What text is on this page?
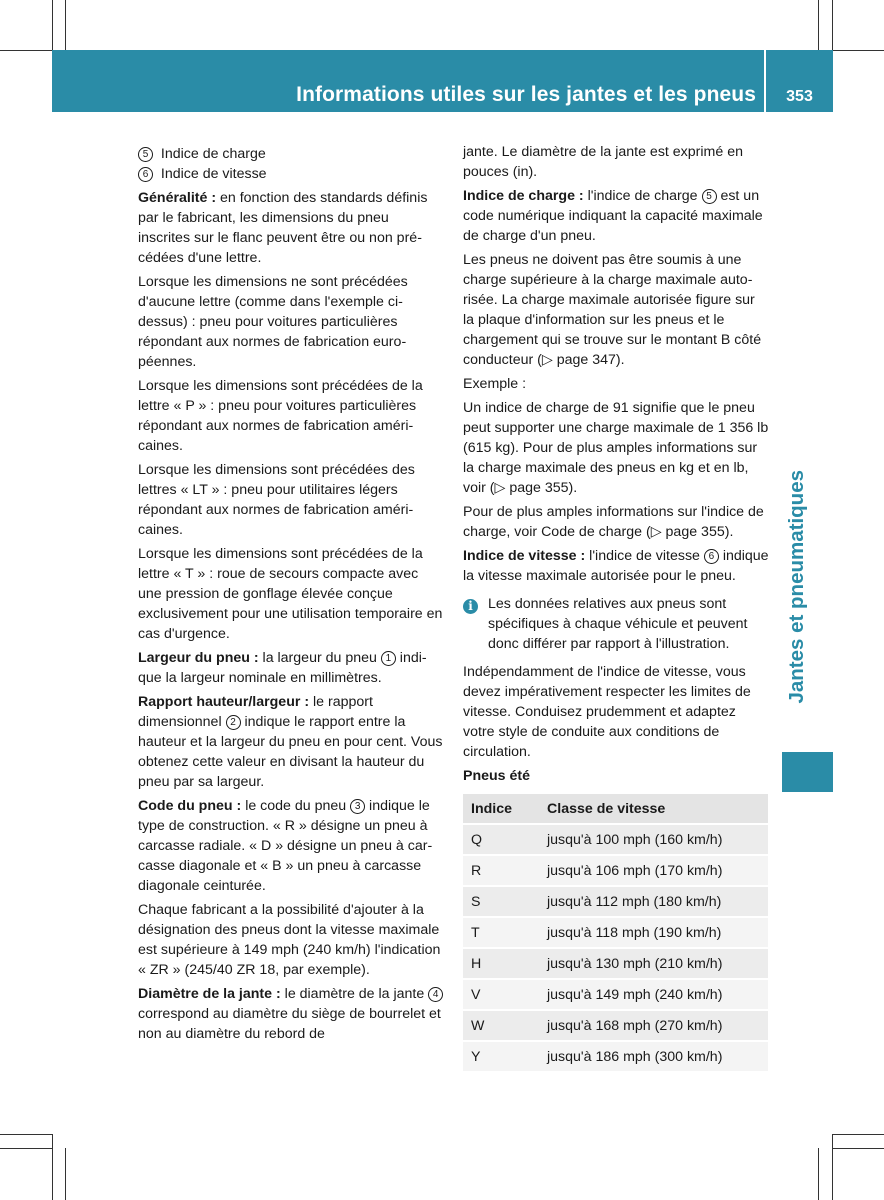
Informations utiles sur les jantes et les pneus	353
Jantes et pneumatiques

5 Indice de charge

6 Indice de vitesse

Généralité : en fonction des standards définis par le fabricant, les dimensions du pneu inscrites sur le flanc peuvent être ou non précédées d'une lettre.

Lorsque les dimensions ne sont précédées d'aucune lettre (comme dans l'exemple cidessus) : pneu pour voitures particulières répondant aux normes de fabrication européennes.

Lorsque les dimensions sont précédées de la lettre « P » : pneu pour voitures particulières répondant aux normes de fabrication américaines.

Lorsque les dimensions sont précédées des lettres « LT » : pneu pour utilitaires légers répondant aux normes de fabrication américaines.

Lorsque les dimensions sont précédées de la lettre « T » : roue de secours compacte avec une pression de gonflage élevée conçue exclusivement pour une utilisation temporaire en cas d'urgence.

Largeur du pneu : la largeur du pneu 1 indique la largeur nominale en millimètres.

Rapport hauteur/largeur : le rapport dimensionnel 2 indique le rapport entre la hauteur et la largeur du pneu en pour cent. Vous obtenez cette valeur en divisant la hauteur du pneu par sa largeur.

Code du pneu : le code du pneu 3 indique le type de construction. « R » désigne un pneu à carcasse radiale. « D » désigne un pneu à carcasse diagonale et « B » un pneu à carcasse diagonale ceinturée.

Chaque fabricant a la possibilité d'ajouter à la désignation des pneus dont la vitesse maximale est supérieure à 149 mph (240 km/h) l'indication « ZR » (245/40 ZR 18, par exemple).

Diamètre de la jante : le diamètre de la jante 4 correspond au diamètre du siège de bourrelet et non au diamètre du rebord de

jante. Le diamètre de la jante est exprimé en pouces (in).

Indice de charge : l'indice de charge 5 est un code numérique indiquant la capacité maximale de charge d'un pneu.

Les pneus ne doivent pas être soumis à une charge supérieure à la charge maximale autorisée. La charge maximale autorisée figure sur la plaque d'information sur les pneus et le chargement qui se trouve sur le montant B côté conducteur (▷ page 347).

Exemple :

Un indice de charge de 91 signifie que le pneu peut supporter une charge maximale de 1 356 lb (615 kg). Pour de plus amples informations sur la charge maximale des pneus en kg et en lb, voir (▷ page 355).

Pour de plus amples informations sur l'indice de charge, voir Code de charge (▷ page 355).

Indice de vitesse : l'indice de vitesse 6 indique la vitesse maximale autorisée pour le pneu.

i	Les données relatives aux pneus sont spécifiques à chaque véhicule et peuvent donc différer par rapport à l'illustration.

Indépendamment de l'indice de vitesse, vous devez impérativement respecter les limites de vitesse. Conduisez prudemment et adaptez votre style de conduite aux conditions de circulation.

Pneus été

Indice	Classe de vitesse
Q	jusqu'à 100 mph (160 km/h)
R	jusqu'à 106 mph (170 km/h)
S	jusqu'à 112 mph (180 km/h)
T	jusqu'à 118 mph (190 km/h)
H	jusqu'à 130 mph (210 km/h)
V	jusqu'à 149 mph (240 km/h)
W	jusqu'à 168 mph (270 km/h)
Y	jusqu'à 186 mph (300 km/h)
